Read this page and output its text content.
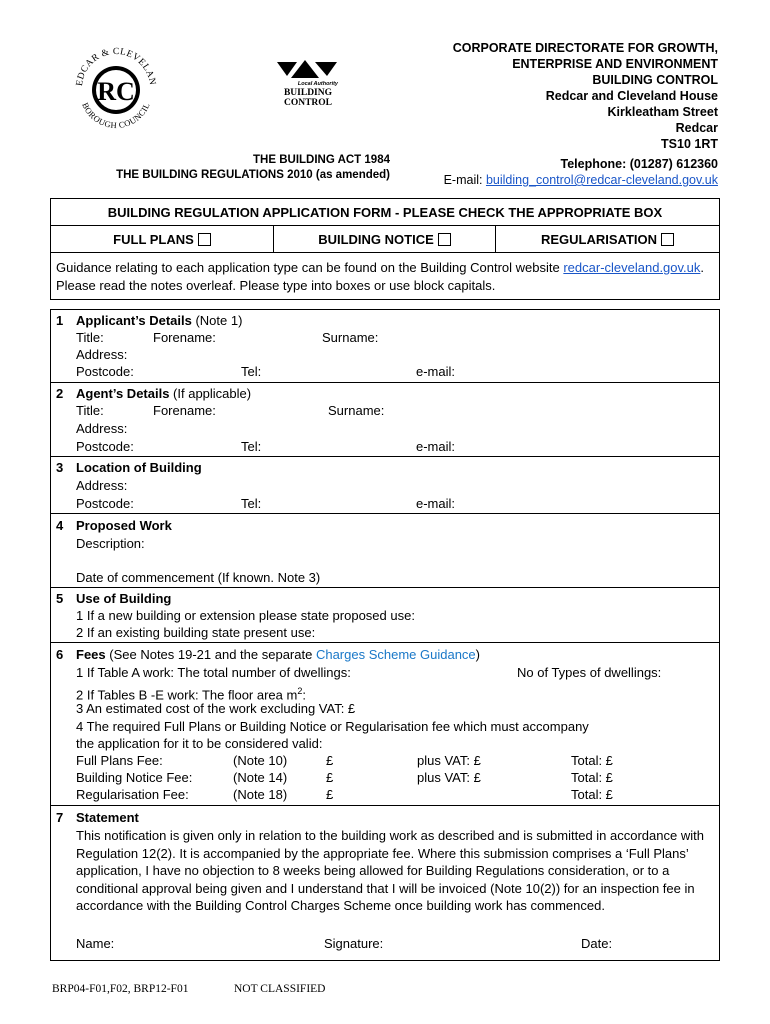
EDCAR & CLEVELAN
BOROUGH COUNCIL
RC	Local Authority
BUILDING
CONTROL
CORPORATE DIRECTORATE FOR GROWTH,
ENTERPRISE AND ENVIRONMENT
BUILDING CONTROL
Redcar and Cleveland House
Kirkleatham Street
Redcar
TS10 1RT
THE BUILDING ACT 1984
THE BUILDING REGULATIONS 2010 (as amended)
Telephone: (01287) 612360
E-mail: building_control@redcar-cleveland.gov.uk
BUILDING REGULATION APPLICATION FORM - PLEASE CHECK THE APPROPRIATE BOX
FULL PLANS	BUILDING NOTICE	REGULARISATION
Guidance relating to each application type can be found on the Building Control website redcar-cleveland.gov.uk. Please read the notes overleaf. Please type into boxes or use block capitals.
1 Applicant’s Details (Note 1)
Title:	Forename:	Surname:
Address:
Postcode:	Tel:	e-mail:
2 Agent’s Details (If applicable)
Title:	Forename:	Surname:
Address:
Postcode:	Tel:	e-mail:
3 Location of Building
Address:
Postcode:	Tel:	e-mail:
4 Proposed Work
Description:
Date of commencement (If known. Note 3)
5 Use of Building
1 If a new building or extension please state proposed use:
2 If an existing building state present use:
6 Fees (See Notes 19-21 and the separate Charges Scheme Guidance)
1 If Table A work: The total number of dwellings:	No of Types of dwellings:
2 If Tables B -E work: The floor area $m^2$:
3 An estimated cost of the work excluding VAT: £
4 The required Full Plans or Building Notice or Regularisation fee which must accompany
the application for it to be considered valid:
Full Plans Fee:	(Note 10)	£	plus VAT: £	Total: £
Building Notice Fee:	(Note 14)	£	plus VAT: £	Total: £
Regularisation Fee:	(Note 18)	£	Total: £
7 Statement
This notification is given only in relation to the building work as described and is submitted in accordance with Regulation 12(2). It is accompanied by the appropriate fee. Where this submission comprises a ‘Full Plans’ application, I have no objection to 8 weeks being allowed for Building Regulations consideration, or to a conditional approval being given and I understand that I will be invoiced (Note 10(2)) for an inspection fee in accordance with the Building Control Charges Scheme once building work has commenced.
Name:	Signature:	Date:
BRP04-F01,F02, BRP12-F01	NOT CLASSIFIED
